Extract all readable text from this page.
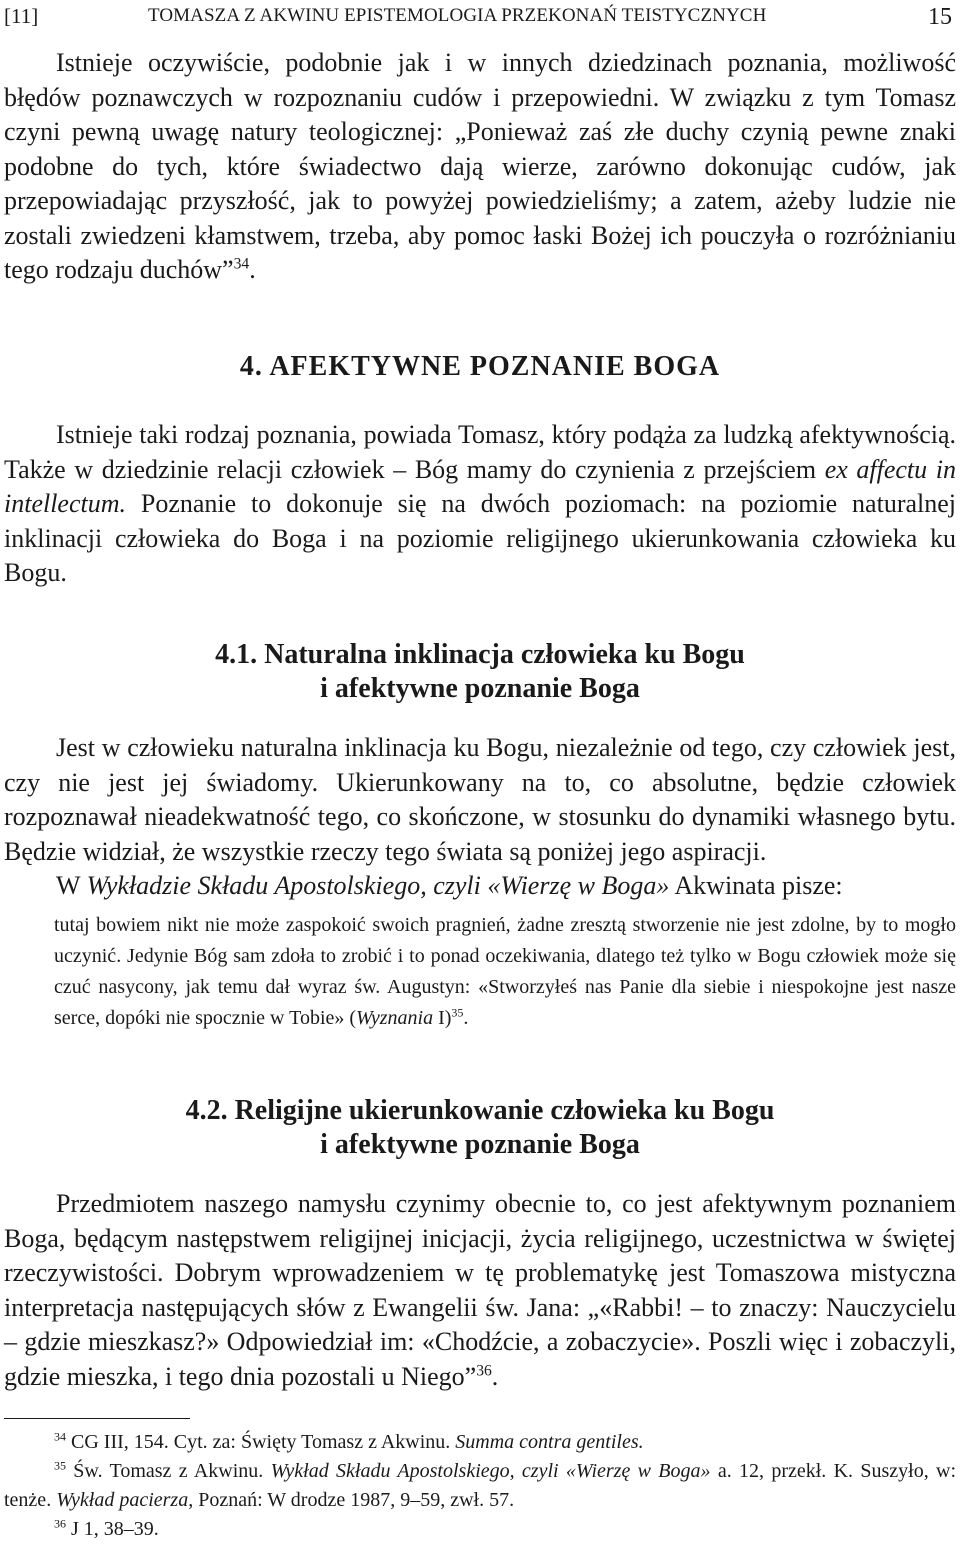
[11]	TOMASZA Z AKWINU EPISTEMOLOGIA PRZEKONAŃ TEISTYCZNYCH	15

Istnieje oczywiście, podobnie jak i w innych dziedzinach poznania, możliwość błędów poznawczych w rozpoznaniu cudów i przepowiedni. W związku z tym Tomasz czyni pewną uwagę natury teologicznej: „Ponieważ zaś złe duchy czynią pewne znaki podobne do tych, które świadectwo dają wierze, zarówno dokonując cudów, jak przepowiadając przyszłość, jak to powyżej powiedzieliśmy; a zatem, ażeby ludzie nie zostali zwiedzeni kłamstwem, trzeba, aby pomoc łaski Bożej ich pouczyła o rozróżnianiu tego rodzaju duchów”$^{34}$.

4. AFEKTYWNE POZNANIE BOGA

Istnieje taki rodzaj poznania, powiada Tomasz, który podąża za ludzką afektywnością. Także w dziedzinie relacji człowiek – Bóg mamy do czynienia z przejściem ex affectu in intellectum. Poznanie to dokonuje się na dwóch poziomach: na poziomie naturalnej inklinacji człowieka do Boga i na poziomie religijnego ukierunkowania człowieka ku Bogu.

4.1. Naturalna inklinacja człowieka ku Bogu
i afektywne poznanie Boga

Jest w człowieku naturalna inklinacja ku Bogu, niezależnie od tego, czy człowiek jest, czy nie jest jej świadomy. Ukierunkowany na to, co absolutne, będzie człowiek rozpoznawał nieadekwatność tego, co skończone, w stosunku do dynamiki własnego bytu. Będzie widział, że wszystkie rzeczy tego świata są poniżej jego aspiracji.

W Wykładzie Składu Apostolskiego, czyli «Wierzę w Boga» Akwinata pisze:

tutaj bowiem nikt nie może zaspokoić swoich pragnień, żadne zresztą stworzenie nie jest zdolne, by to mogło uczynić. Jedynie Bóg sam zdoła to zrobić i to ponad oczekiwania, dlatego też tylko w Bogu człowiek może się czuć nasycony, jak temu dał wyraz św. Augustyn: «Stworzyłeś nas Panie dla siebie i niespokojne jest nasze serce, dopóki nie spocznie w Tobie» (Wyznania I)$^{35}$.
4.2. Religijne ukierunkowanie człowieka ku Bogu
i afektywne poznanie Boga

Przedmiotem naszego namysłu czynimy obecnie to, co jest afektywnym poznaniem Boga, będącym następstwem religijnej inicjacji, życia religijnego, uczestnictwa w świętej rzeczywistości. Dobrym wprowadzeniem w tę problematykę jest Tomaszowa mistyczna interpretacja następujących słów z Ewangelii św. Jana: „«Rabbi! – to znaczy: Nauczycielu – gdzie mieszkasz?» Odpowiedział im: «Chodźcie, a zobaczycie». Poszli więc i zobaczyli, gdzie mieszka, i tego dnia pozostali u Niego”$^{36}$.

$^{34}$ CG III, 154. Cyt. za: Święty Tomasz z Akwinu. Summa contra gentiles.
$^{35}$ Św. Tomasz z Akwinu. Wykład Składu Apostolskiego, czyli «Wierzę w Boga» a. 12, przekł. K. Suszyło, w: tenże. Wykład pacierza, Poznań: W drodze 1987, 9–59, zwł. 57.
$^{36}$ J 1, 38–39.
